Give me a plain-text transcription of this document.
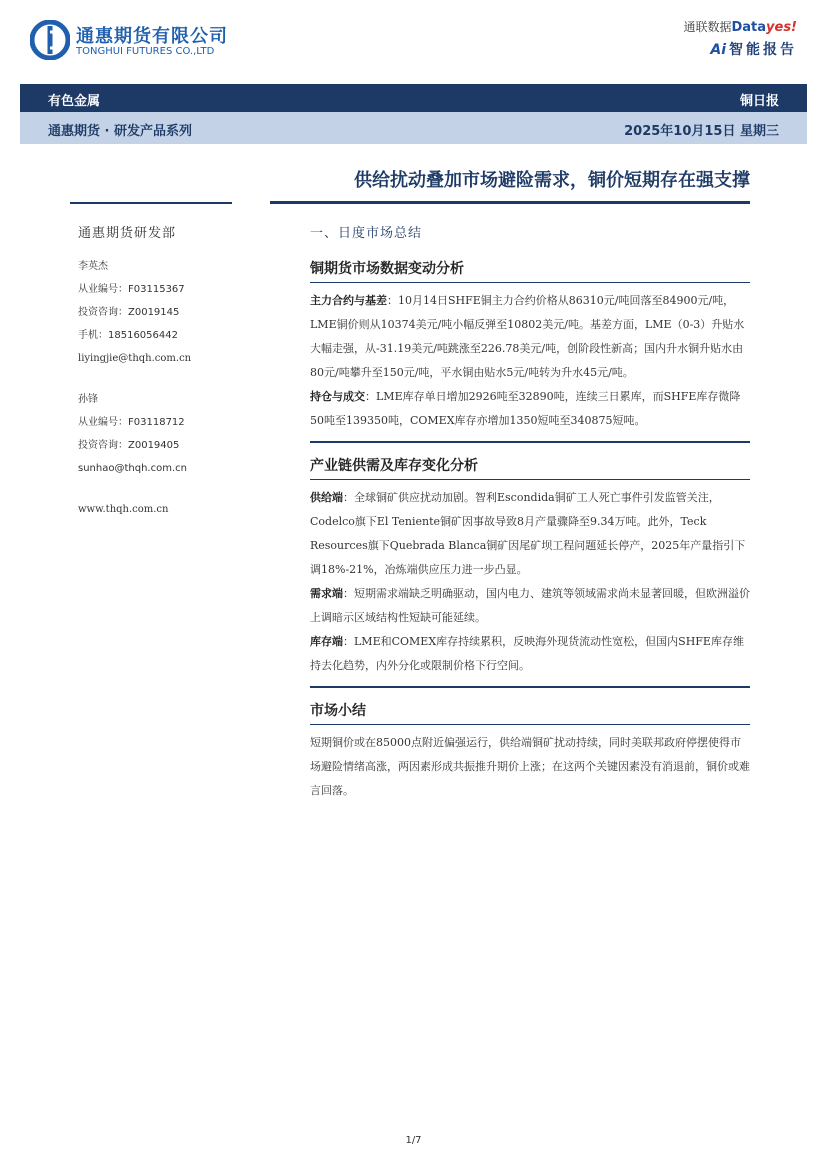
通惠期货有限公司
TONGHUI FUTURES CO.,LTD
通联数据Datayes!
Ai 智能报告
有色金属	铜日报
通惠期货 · 研发产品系列	2025年10月15日 星期三
供给扰动叠加市场避险需求，铜价短期存在强支撑
通惠期货研发部
李英杰
从业编号：F03115367
投资咨询：Z0019145
手机：18516056442
liyingjie@thqh.com.cn
孙锋
从业编号：F03118712
投资咨询：Z0019405
sunhao@thqh.com.cn
www.thqh.com.cn
一、日度市场总结
铜期货市场数据变动分析
主力合约与基差：10月14日SHFE铜主力合约价格从86310元/吨回落至84900元/吨，LME铜价则从10374美元/吨小幅反弹至10802美元/吨。基差方面，LME（0-3）升贴水大幅走强，从-31.19美元/吨跳涨至226.78美元/吨，创阶段性新高；国内升水铜升贴水由80元/吨攀升至150元/吨，平水铜由贴水5元/吨转为升水45元/吨。
持仓与成交：LME库存单日增加2926吨至32890吨，连续三日累库，而SHFE库存微降50吨至139350吨，COMEX库存亦增加1350短吨至340875短吨。
产业链供需及库存变化分析
供给端：全球铜矿供应扰动加剧。智利Escondida铜矿工人死亡事件引发监管关注，Codelco旗下El Teniente铜矿因事故导致8月产量骤降至9.34万吨。此外，Teck Resources旗下Quebrada Blanca铜矿因尾矿坝工程问题延长停产，2025年产量指引下调18%-21%，冶炼端供应压力进一步凸显。
需求端：短期需求端缺乏明确驱动，国内电力、建筑等领域需求尚未显著回暖，但欧洲溢价上调暗示区域结构性短缺可能延续。
库存端：LME和COMEX库存持续累积，反映海外现货流动性宽松，但国内SHFE库存维持去化趋势，内外分化或限制价格下行空间。
市场小结
短期铜价或在85000点附近偏强运行，供给端铜矿扰动持续，同时美联邦政府停摆使得市场避险情绪高涨，两因素形成共振推升期价上涨；在这两个关键因素没有消退前，铜价或难言回落。
1/7
